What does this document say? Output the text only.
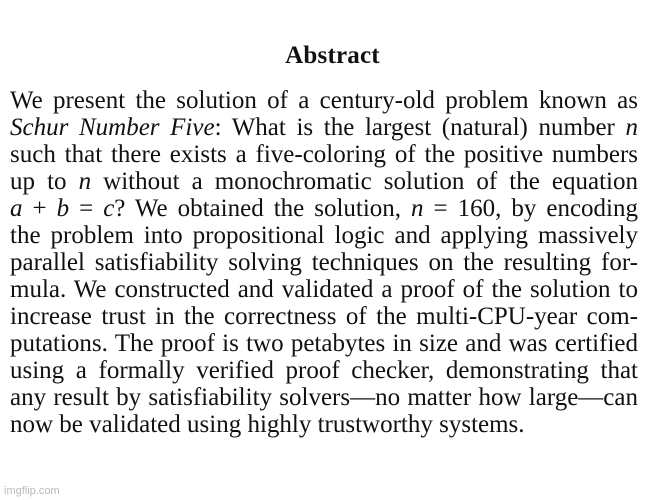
Abstract
We present the solution of a century-old problem known as
Schur Number Five: What is the largest (natural) number n
such that there exists a five-coloring of the positive numbers
up to n without a monochromatic solution of the equation
a + b = c? We obtained the solution, n = 160, by encoding
the problem into propositional logic and applying massively
parallel satisfiability solving techniques on the resulting for-
mula. We constructed and validated a proof of the solution to
increase trust in the correctness of the multi-CPU-year com-
putations. The proof is two petabytes in size and was certified
using a formally verified proof checker, demonstrating that
any result by satisfiability solvers—no matter how large—can
now be validated using highly trustworthy systems.
imgflip.com
